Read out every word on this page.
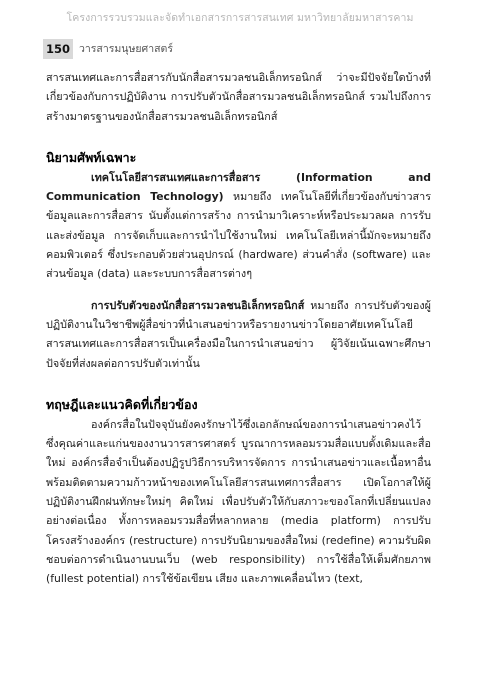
โครงการรวบรวมและจัดทำเอกสารการสารสนเทศ มหาวิทยาลัยมหาสารคาม
150 วารสารมนุษยศาสตร์

สารสนเทศและการสื่อสารกับนักสื่อสารมวลชนอิเล็กทรอนิกส์ ว่าจะมีปัจจัยใดบ้างที่เกี่ยวข้องกับการปฏิบัติงาน การปรับตัวนักสื่อสารมวลชนอิเล็กทรอนิกส์ รวมไปถึงการสร้างมาตรฐานของนักสื่อสารมวลชนอิเล็กทรอนิกส์

นิยามศัพท์เฉพาะ

เทคโนโลยีสารสนเทศและการสื่อสาร (Information and Communication Technology) หมายถึง เทคโนโลยีที่เกี่ยวข้องกับข่าวสารข้อมูลและการสื่อสาร นับตั้งแต่การสร้าง การนำมาวิเคราะห์หรือประมวลผล การรับและส่งข้อมูล การจัดเก็บและการนำไปใช้งานใหม่ เทคโนโลยีเหล่านี้มักจะหมายถึง คอมพิวเตอร์ ซึ่งประกอบด้วยส่วนอุปกรณ์ (hardware) ส่วนคำสั่ง (software) และส่วนข้อมูล (data) และระบบการสื่อสารต่างๆ

การปรับตัวของนักสื่อสารมวลชนอิเล็กทรอนิกส์ หมายถึง การปรับตัวของผู้ปฏิบัติงานในวิชาชีพผู้สื่อข่าวที่นำเสนอข่าวหรือรายงานข่าวโดยอาศัยเทคโนโลยีสารสนเทศและการสื่อสารเป็นเครื่องมือในการนำเสนอข่าว ผู้วิจัยเน้นเฉพาะศึกษาปัจจัยที่ส่งผลต่อการปรับตัวเท่านั้น

ทฤษฎีและแนวคิดที่เกี่ยวข้อง

องค์กรสื่อในปัจจุบันยังคงรักษาไว้ซึ่งเอกลักษณ์ของการนำเสนอข่าวคงไว้ซึ่งคุณค่าและแก่นของงานวารสารศาสตร์ บูรณาการหลอมรวมสื่อแบบดั้งเดิมและสื่อใหม่ องค์กรสื่อจำเป็นต้องปฏิรูปวิธีการบริหารจัดการ การนำเสนอข่าวและเนื้อหาอื่น พร้อมติดตามความก้าวหน้าของเทคโนโลยีสารสนเทศการสื่อสาร เปิดโอกาสให้ผู้ปฏิบัติงานฝึกฝนทักษะใหม่ๆ คิดใหม่ เพื่อปรับตัวให้กับสภาวะของโลกที่เปลี่ยนแปลงอย่างต่อเนื่อง ทั้งการหลอมรวมสื่อที่หลากหลาย (media platform) การปรับโครงสร้างองค์กร (restructure) การปรับนิยามของสื่อใหม่ (redefine) ความรับผิดชอบต่อการดำเนินงานบนเว็บ (web responsibility) การใช้สื่อให้เต็มศักยภาพ (fullest potential) การใช้ข้อเขียน เสียง และภาพเคลื่อนไหว (text,
